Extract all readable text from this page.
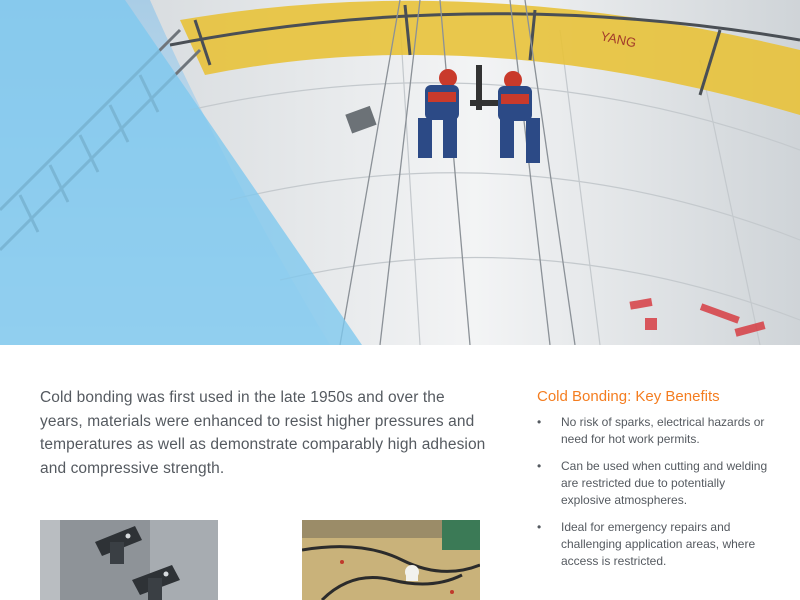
YANG

Cold bonding was first used in the late 1950s and over the years, materials were enhanced to resist higher pressures and temperatures as well as demonstrate comparably high adhesion and compressive strength.

Cold Bonding: Key Benefits
• No risk of sparks, electrical hazards or need for hot work permits.
• Can be used when cutting and welding are restricted due to potentially explosive atmospheres.
• Ideal for emergency repairs and challenging application areas, where access is restricted.
